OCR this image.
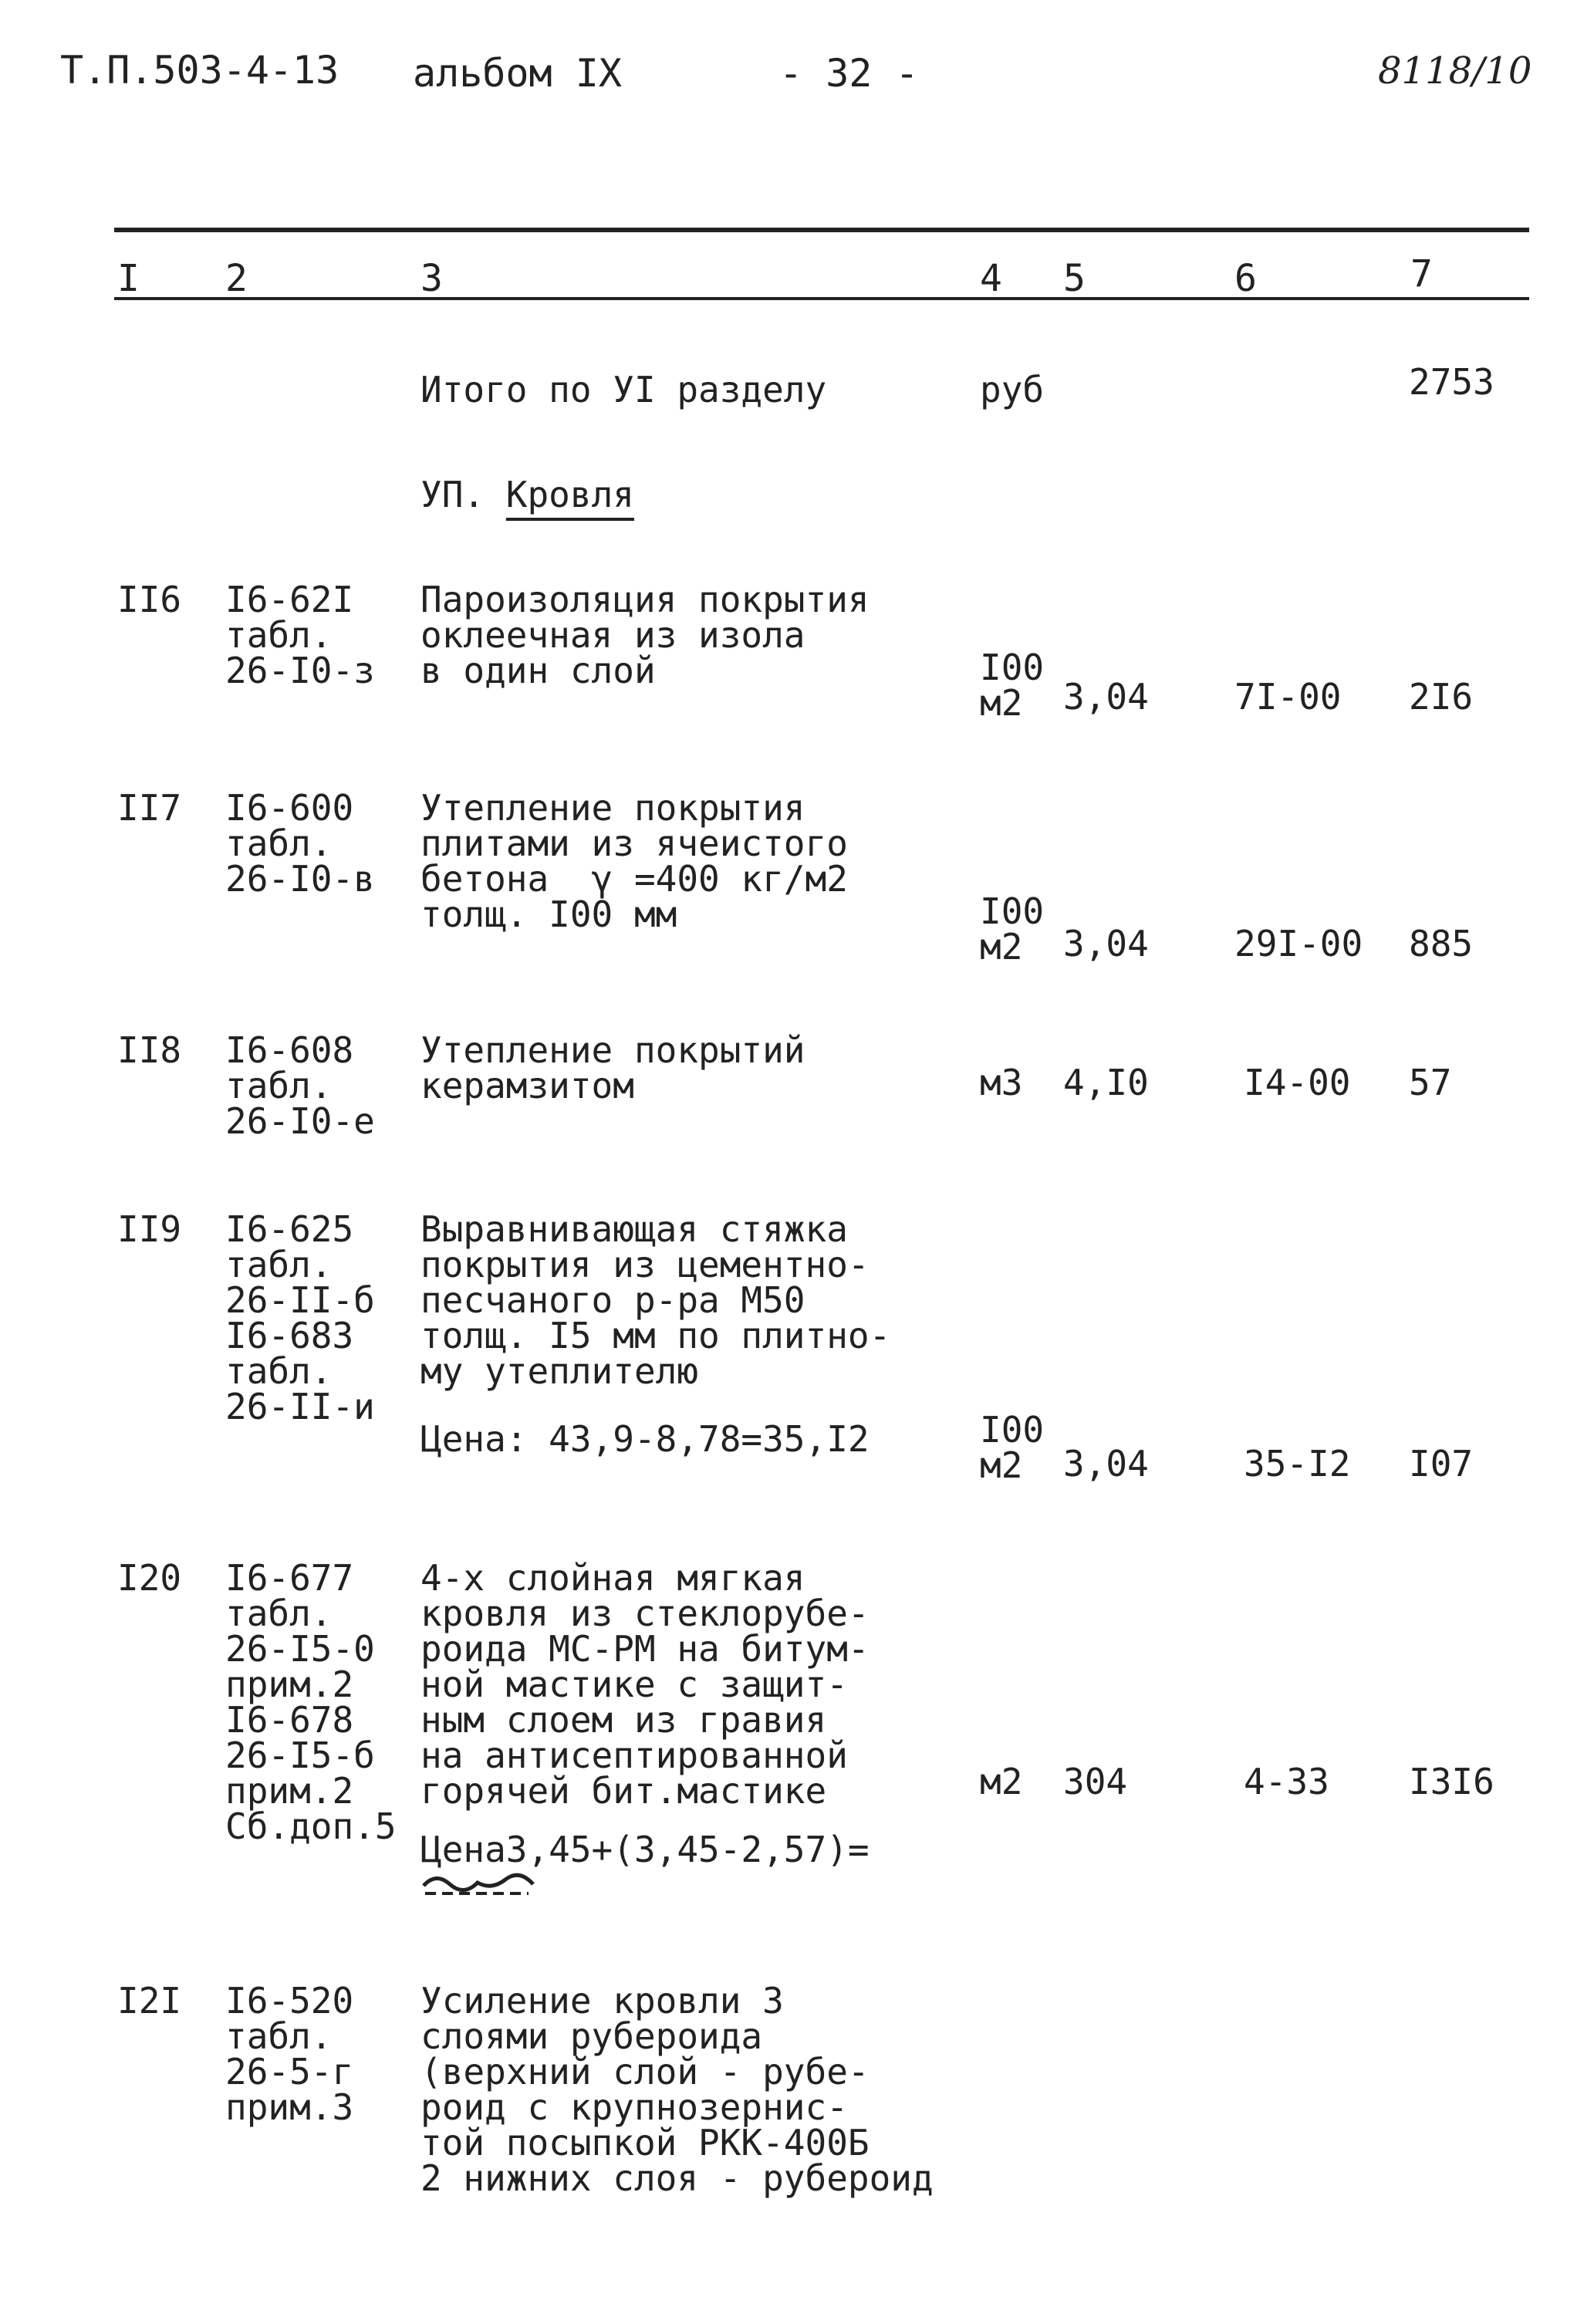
Т.П.503-4-13 альбом IX	- 32 -	8118/10
I 2	3	4 5	6	7
Итого по УI разделу	руб	2753
УП. Кровля
II6 I6-62I
табл.
26-I0-з
Пароизоляция покрытия
оклеечная из изола
в один слой	I00
м2	3,04 7I-00 2I6
II7 I6-600
табл.
26-I0-в
Утепление покрытия
плитами из ячеистого
бетона  γ =400 кг/м2
толщ. I00 мм	I00
м2	3,04 29I-00 885
II8 I6-608
табл.
26-I0-е
Утепление покрытий
керамзитом	м3 4,I0	I4-00 57
II9 I6-625
табл.
26-II-б
I6-683
табл.
26-II-и
Выравнивающая стяжка
покрытия из цементно-
песчаного р-ра М50
толщ. I5 мм по плитно-
му утеплителю
Цена: 43,9-8,78=35,I2	I00
м2	3,04	35-I2 I07
I20 I6-677
табл.
26-I5-0
прим.2
I6-678
26-I5-б
прим.2
Сб.доп.5
4-х слойная мягкая
кровля из стеклорубе-
роида МС-РМ на битум-
ной мастике с защит-
ным слоем из гравия
на антисептированной
горячей бит.мастике
Цена3,45+(3,45-2,57)=
м2 304	4-33 I3I6
I2I I6-520
табл.
26-5-г
прим.3
Усиление кровли 3
слоями рубероида
(верхний слой - рубе-
роид с крупнозернис-
той посыпкой РКК-400Б
2 нижних слоя - рубероид
